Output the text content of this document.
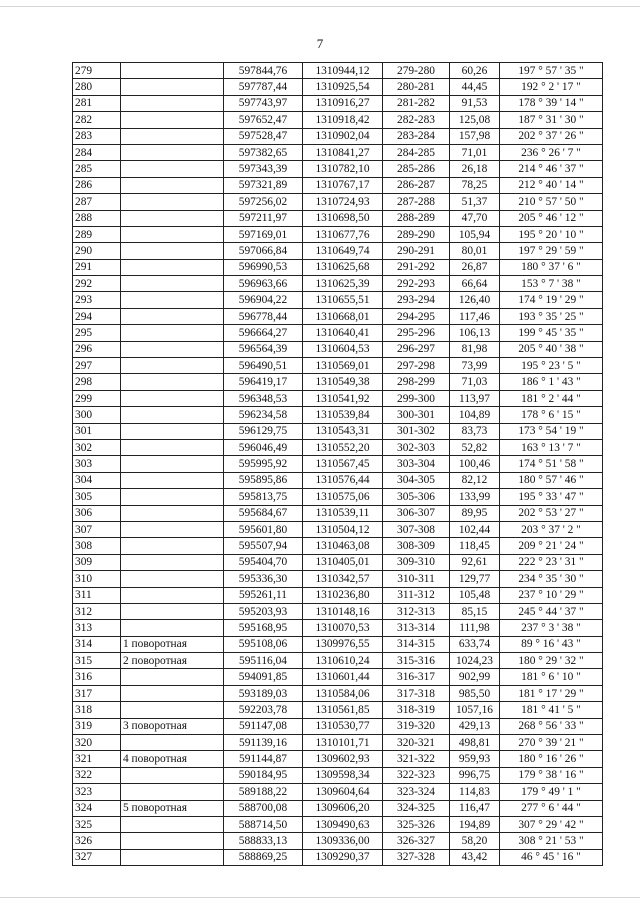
7
279		597844,76	1310944,12	279-280	60,26	197 ° 57 ' 35 "
280		597787,44	1310925,54	280-281	44,45	192 ° 2 ' 17 "
281		597743,97	1310916,27	281-282	91,53	178 ° 39 ' 14 "
282		597652,47	1310918,42	282-283	125,08	187 ° 31 ' 30 "
283		597528,47	1310902,04	283-284	157,98	202 ° 37 ' 26 "
284		597382,65	1310841,27	284-285	71,01	236 ° 26 ' 7 "
285		597343,39	1310782,10	285-286	26,18	214 ° 46 ' 37 "
286		597321,89	1310767,17	286-287	78,25	212 ° 40 ' 14 "
287		597256,02	1310724,93	287-288	51,37	210 ° 57 ' 50 "
288		597211,97	1310698,50	288-289	47,70	205 ° 46 ' 12 "
289		597169,01	1310677,76	289-290	105,94	195 ° 20 ' 10 "
290		597066,84	1310649,74	290-291	80,01	197 ° 29 ' 59 "
291		596990,53	1310625,68	291-292	26,87	180 ° 37 ' 6 "
292		596963,66	1310625,39	292-293	66,64	153 ° 7 ' 38 "
293		596904,22	1310655,51	293-294	126,40	174 ° 19 ' 29 "
294		596778,44	1310668,01	294-295	117,46	193 ° 35 ' 25 "
295		596664,27	1310640,41	295-296	106,13	199 ° 45 ' 35 "
296		596564,39	1310604,53	296-297	81,98	205 ° 40 ' 38 "
297		596490,51	1310569,01	297-298	73,99	195 ° 23 ' 5 "
298		596419,17	1310549,38	298-299	71,03	186 ° 1 ' 43 "
299		596348,53	1310541,92	299-300	113,97	181 ° 2 ' 44 "
300		596234,58	1310539,84	300-301	104,89	178 ° 6 ' 15 "
301		596129,75	1310543,31	301-302	83,73	173 ° 54 ' 19 "
302		596046,49	1310552,20	302-303	52,82	163 ° 13 ' 7 "
303		595995,92	1310567,45	303-304	100,46	174 ° 51 ' 58 "
304		595895,86	1310576,44	304-305	82,12	180 ° 57 ' 46 "
305		595813,75	1310575,06	305-306	133,99	195 ° 33 ' 47 "
306		595684,67	1310539,11	306-307	89,95	202 ° 53 ' 27 "
307		595601,80	1310504,12	307-308	102,44	203 ° 37 ' 2 "
308		595507,94	1310463,08	308-309	118,45	209 ° 21 ' 24 "
309		595404,70	1310405,01	309-310	92,61	222 ° 23 ' 31 "
310		595336,30	1310342,57	310-311	129,77	234 ° 35 ' 30 "
311		595261,11	1310236,80	311-312	105,48	237 ° 10 ' 29 "
312		595203,93	1310148,16	312-313	85,15	245 ° 44 ' 37 "
313		595168,95	1310070,53	313-314	111,98	237 ° 3 ' 38 "
314	1 поворотная	595108,06	1309976,55	314-315	633,74	89 ° 16 ' 43 "
315	2 поворотная	595116,04	1310610,24	315-316	1024,23	180 ° 29 ' 32 "
316		594091,85	1310601,44	316-317	902,99	181 ° 6 ' 10 "
317		593189,03	1310584,06	317-318	985,50	181 ° 17 ' 29 "
318		592203,78	1310561,85	318-319	1057,16	181 ° 41 ' 5 "
319	3 поворотная	591147,08	1310530,77	319-320	429,13	268 ° 56 ' 33 "
320		591139,16	1310101,71	320-321	498,81	270 ° 39 ' 21 "
321	4 поворотная	591144,87	1309602,93	321-322	959,93	180 ° 16 ' 26 "
322		590184,95	1309598,34	322-323	996,75	179 ° 38 ' 16 "
323		589188,22	1309604,64	323-324	114,83	179 ° 49 ' 1 "
324	5 поворотная	588700,08	1309606,20	324-325	116,47	277 ° 6 ' 44 "
325		588714,50	1309490,63	325-326	194,89	307 ° 29 ' 42 "
326		588833,13	1309336,00	326-327	58,20	308 ° 21 ' 53 "
327		588869,25	1309290,37	327-328	43,42	46 ° 45 ' 16 "
